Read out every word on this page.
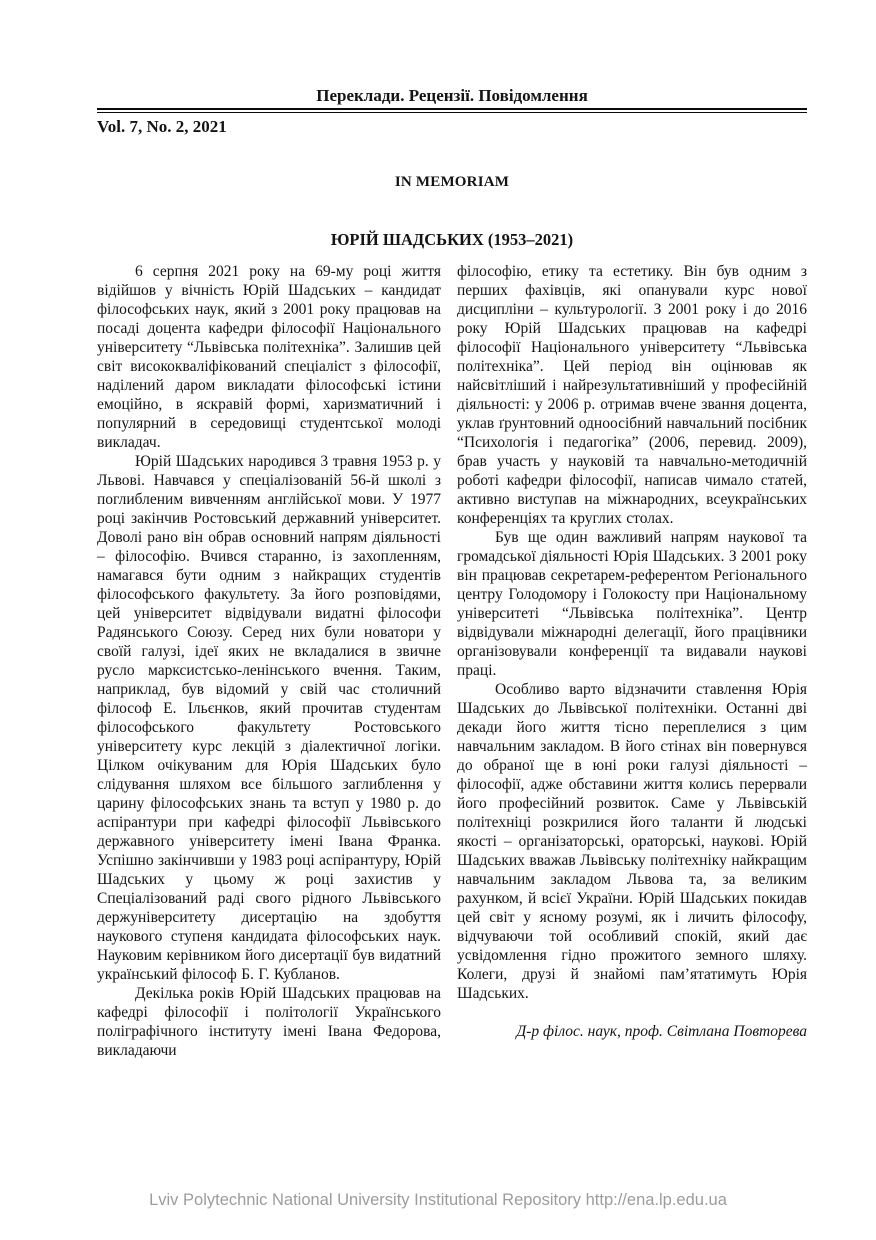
Переклади. Рецензії. Повідомлення
Vol. 7, No. 2, 2021
IN MEMORIAM
ЮРІЙ ШАДСЬКИХ (1953–2021)

6 серпня 2021 року на 69-му році життя відійшов у вічність Юрій Шадських – кандидат філософських наук, який з 2001 року працював на посаді доцента кафедри філософії Національного університету “Львівська політехніка”. Залишив цей світ висококваліфікований спеціаліст з філософії, наділений даром викладати філософські істини емоційно, в яскравій формі, харизматичний і популярний в середовищі студентської молоді викладач.

Юрій Шадських народився 3 травня 1953 р. у Львові. Навчався у спеціалізованій 56-й школі з поглибленим вивченням англійської мови. У 1977 році закінчив Ростовський державний університет. Доволі рано він обрав основний напрям діяльності – філософію. Вчився старанно, із захопленням, намагався бути одним з найкращих студентів філософського факультету. За його розповідями, цей університет відвідували видатні філософи Радянського Союзу. Серед них були новатори у своїй галузі, ідеї яких не вкладалися в звичне русло марксистсько-ленінського вчення. Таким, наприклад, був відомий у свій час столичний філософ Е. Ільєнков, який прочитав студентам філософського факультету Ростовського університету курс лекцій з діалектичної логіки. Цілком очікуваним для Юрія Шадських було слідування шляхом все більшого заглиблення у царину філософських знань та вступ у 1980 р. до аспірантури при кафедрі філософії Львівського державного університету імені Івана Франка. Успішно закінчивши у 1983 році аспірантуру, Юрій Шадських у цьому ж році захистив у Спеціалізований раді свого рідного Львівського держуніверситету дисертацію на здобуття наукового ступеня кандидата філософських наук. Науковим керівником його дисертації був видатний український філософ Б. Г. Кубланов.

Декілька років Юрій Шадських працював на кафедрі філософії і політології Українського поліграфічного інституту імені Івана Федорова, викладаючи

філософію, етику та естетику. Він був одним з перших фахівців, які опанували курс нової дисципліни – культурології. З 2001 року і до 2016 року Юрій Шадських працював на кафедрі філософії Національного університету “Львівська політехніка”. Цей період він оцінював як найсвітліший і найрезультативніший у професійній діяльності: у 2006 р. отримав вчене звання доцента, уклав ґрунтовний одноосібний навчальний посібник “Психологія і педагогіка” (2006, перевид. 2009), брав участь у науковій та навчально-методичній роботі кафедри філософії, написав чимало статей, активно виступав на міжнародних, всеукраїнських конференціях та круглих столах.

Був ще один важливий напрям наукової та громадської діяльності Юрія Шадських. З 2001 року він працював секретарем-референтом Регіонального центру Голодомору і Голокосту при Національному університеті “Львівська політехніка”. Центр відвідували міжнародні делегації, його працівники організовували конференції та видавали наукові праці.

Особливо варто відзначити ставлення Юрія Шадських до Львівської політехніки. Останні дві декади його життя тісно переплелися з цим навчальним закладом. В його стінах він повернувся до обраної ще в юні роки галузі діяльності – філософії, адже обставини життя колись перервали його професійний розвиток. Саме у Львівській політехніці розкрилися його таланти й людські якості – організаторські, ораторські, наукові. Юрій Шадських вважав Львівську політехніку найкращим навчальним закладом Львова та, за великим рахунком, й всієї України. Юрій Шадських покидав цей світ у ясному розумі, як і личить філософу, відчуваючи той особливий спокій, який дає усвідомлення гідно прожитого земного шляху. Колеги, друзі й знайомі пам’ятатимуть Юрія Шадських.

Д-р філос. наук, проф. Світлана Повторева
Lviv Polytechnic National University Institutional Repository http://ena.lp.edu.ua
